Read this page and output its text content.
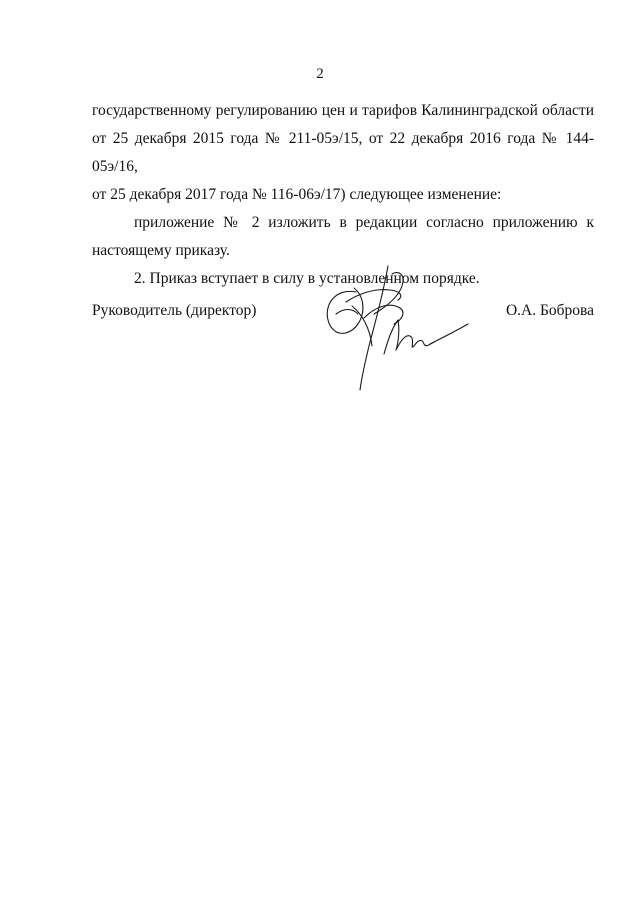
2

государственному регулированию цен и тарифов Калининградской области

от 25 декабря 2015 года № 211-05э/15, от 22 декабря 2016 года № 144-05э/16,

от 25 декабря 2017 года № 116-06э/17) следующее изменение:

приложение № 2 изложить в редакции согласно приложению к

настоящему приказу.

2. Приказ вступает в силу в установленном порядке.

Руководитель (директор)	О.А. Боброва
